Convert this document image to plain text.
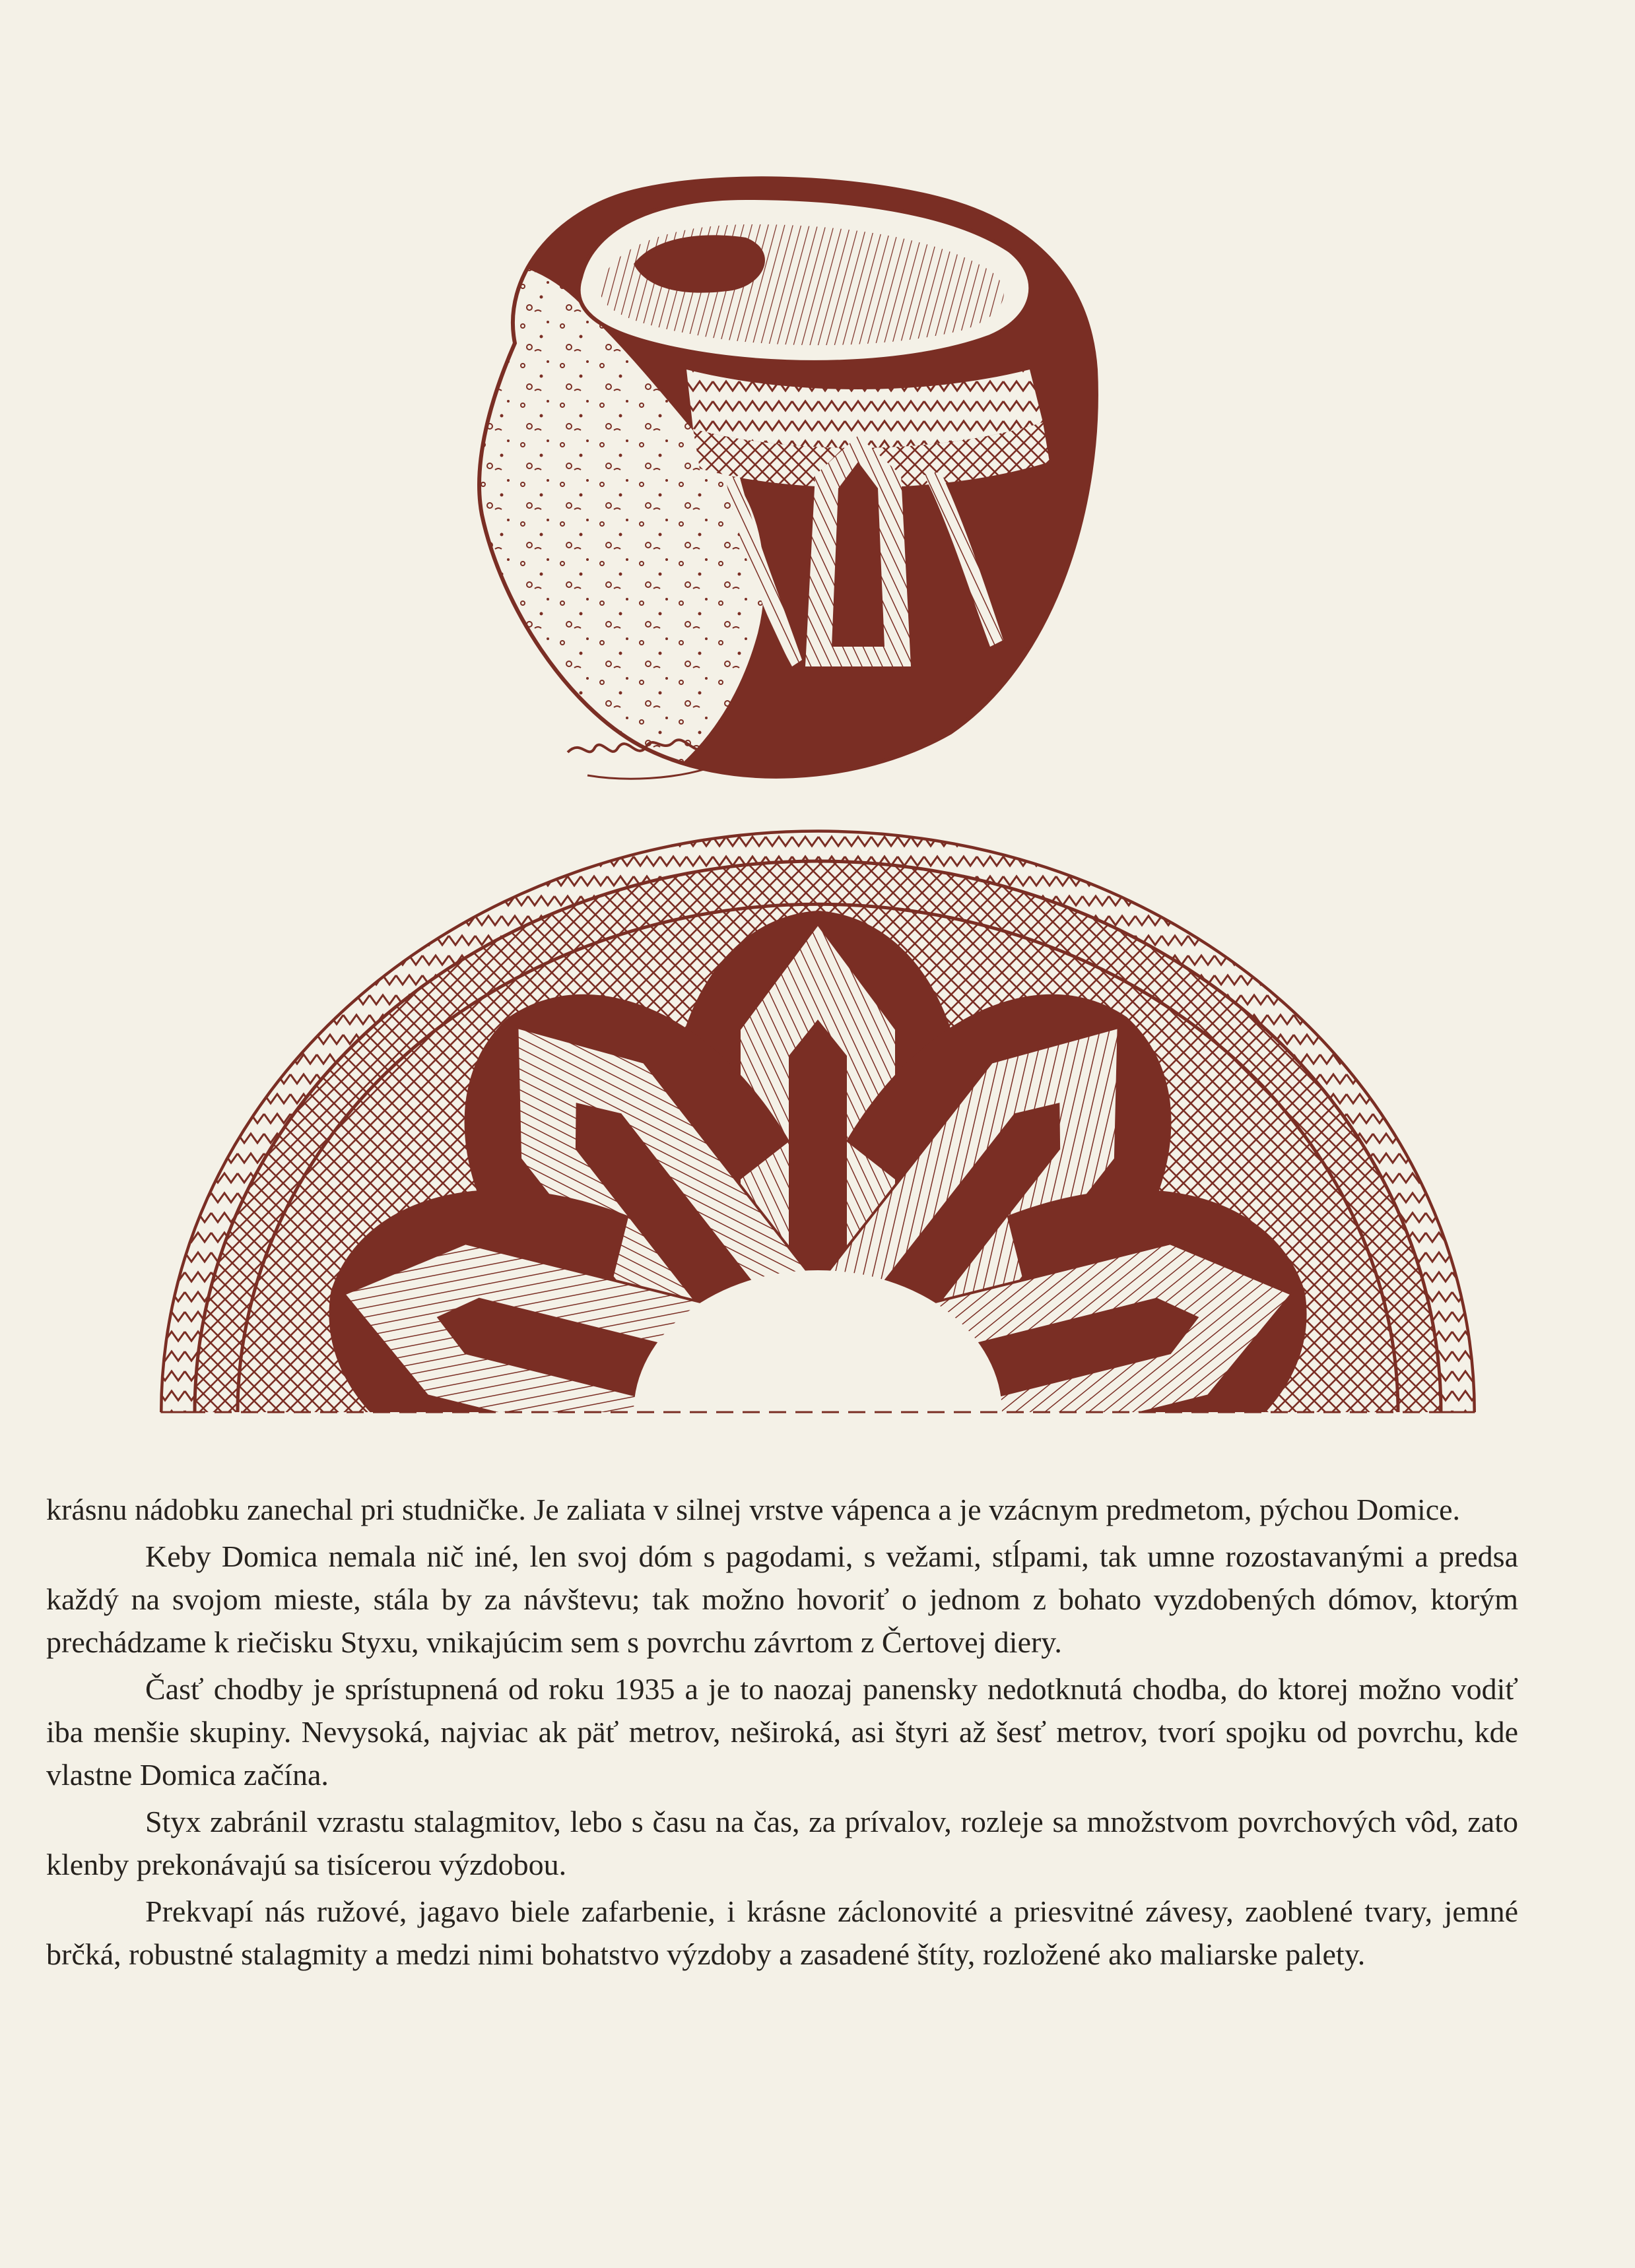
krásnu nádobku zanechal pri studničke. Je zaliata v silnej vrstve vápenca a je vzácnym predmetom, pýchou Domice.

Keby Domica nemala nič iné, len svoj dóm s pagodami, s vežami, stĺpami, tak umne rozostavanými a predsa každý na svojom mieste, stála by za návštevu; tak možno hovoriť o jednom z bohato vyzdobených dómov, ktorým prechádzame k riečisku Styxu, vnikajúcim sem s povrchu závrtom z Čertovej diery.

Časť chodby je sprístupnená od roku 1935 a je to naozaj panensky nedotknutá chodba, do ktorej možno vodiť iba menšie skupiny. Nevysoká, najviac ak päť metrov, neširoká, asi štyri až šesť metrov, tvorí spojku od povrchu, kde vlastne Domica začína.

Styx zabránil vzrastu stalagmitov, lebo s času na čas, za prívalov, rozleje sa množstvom povrchových vôd, zato klenby prekonávajú sa tisícerou výzdobou.

Prekvapí nás ružové, jagavo biele zafarbenie, i krásne záclonovité a priesvitné závesy, zaoblené tvary, jemné brčká, robustné stalagmity a medzi nimi bohatstvo výzdoby a zasadené štíty, rozložené ako maliarske palety.
